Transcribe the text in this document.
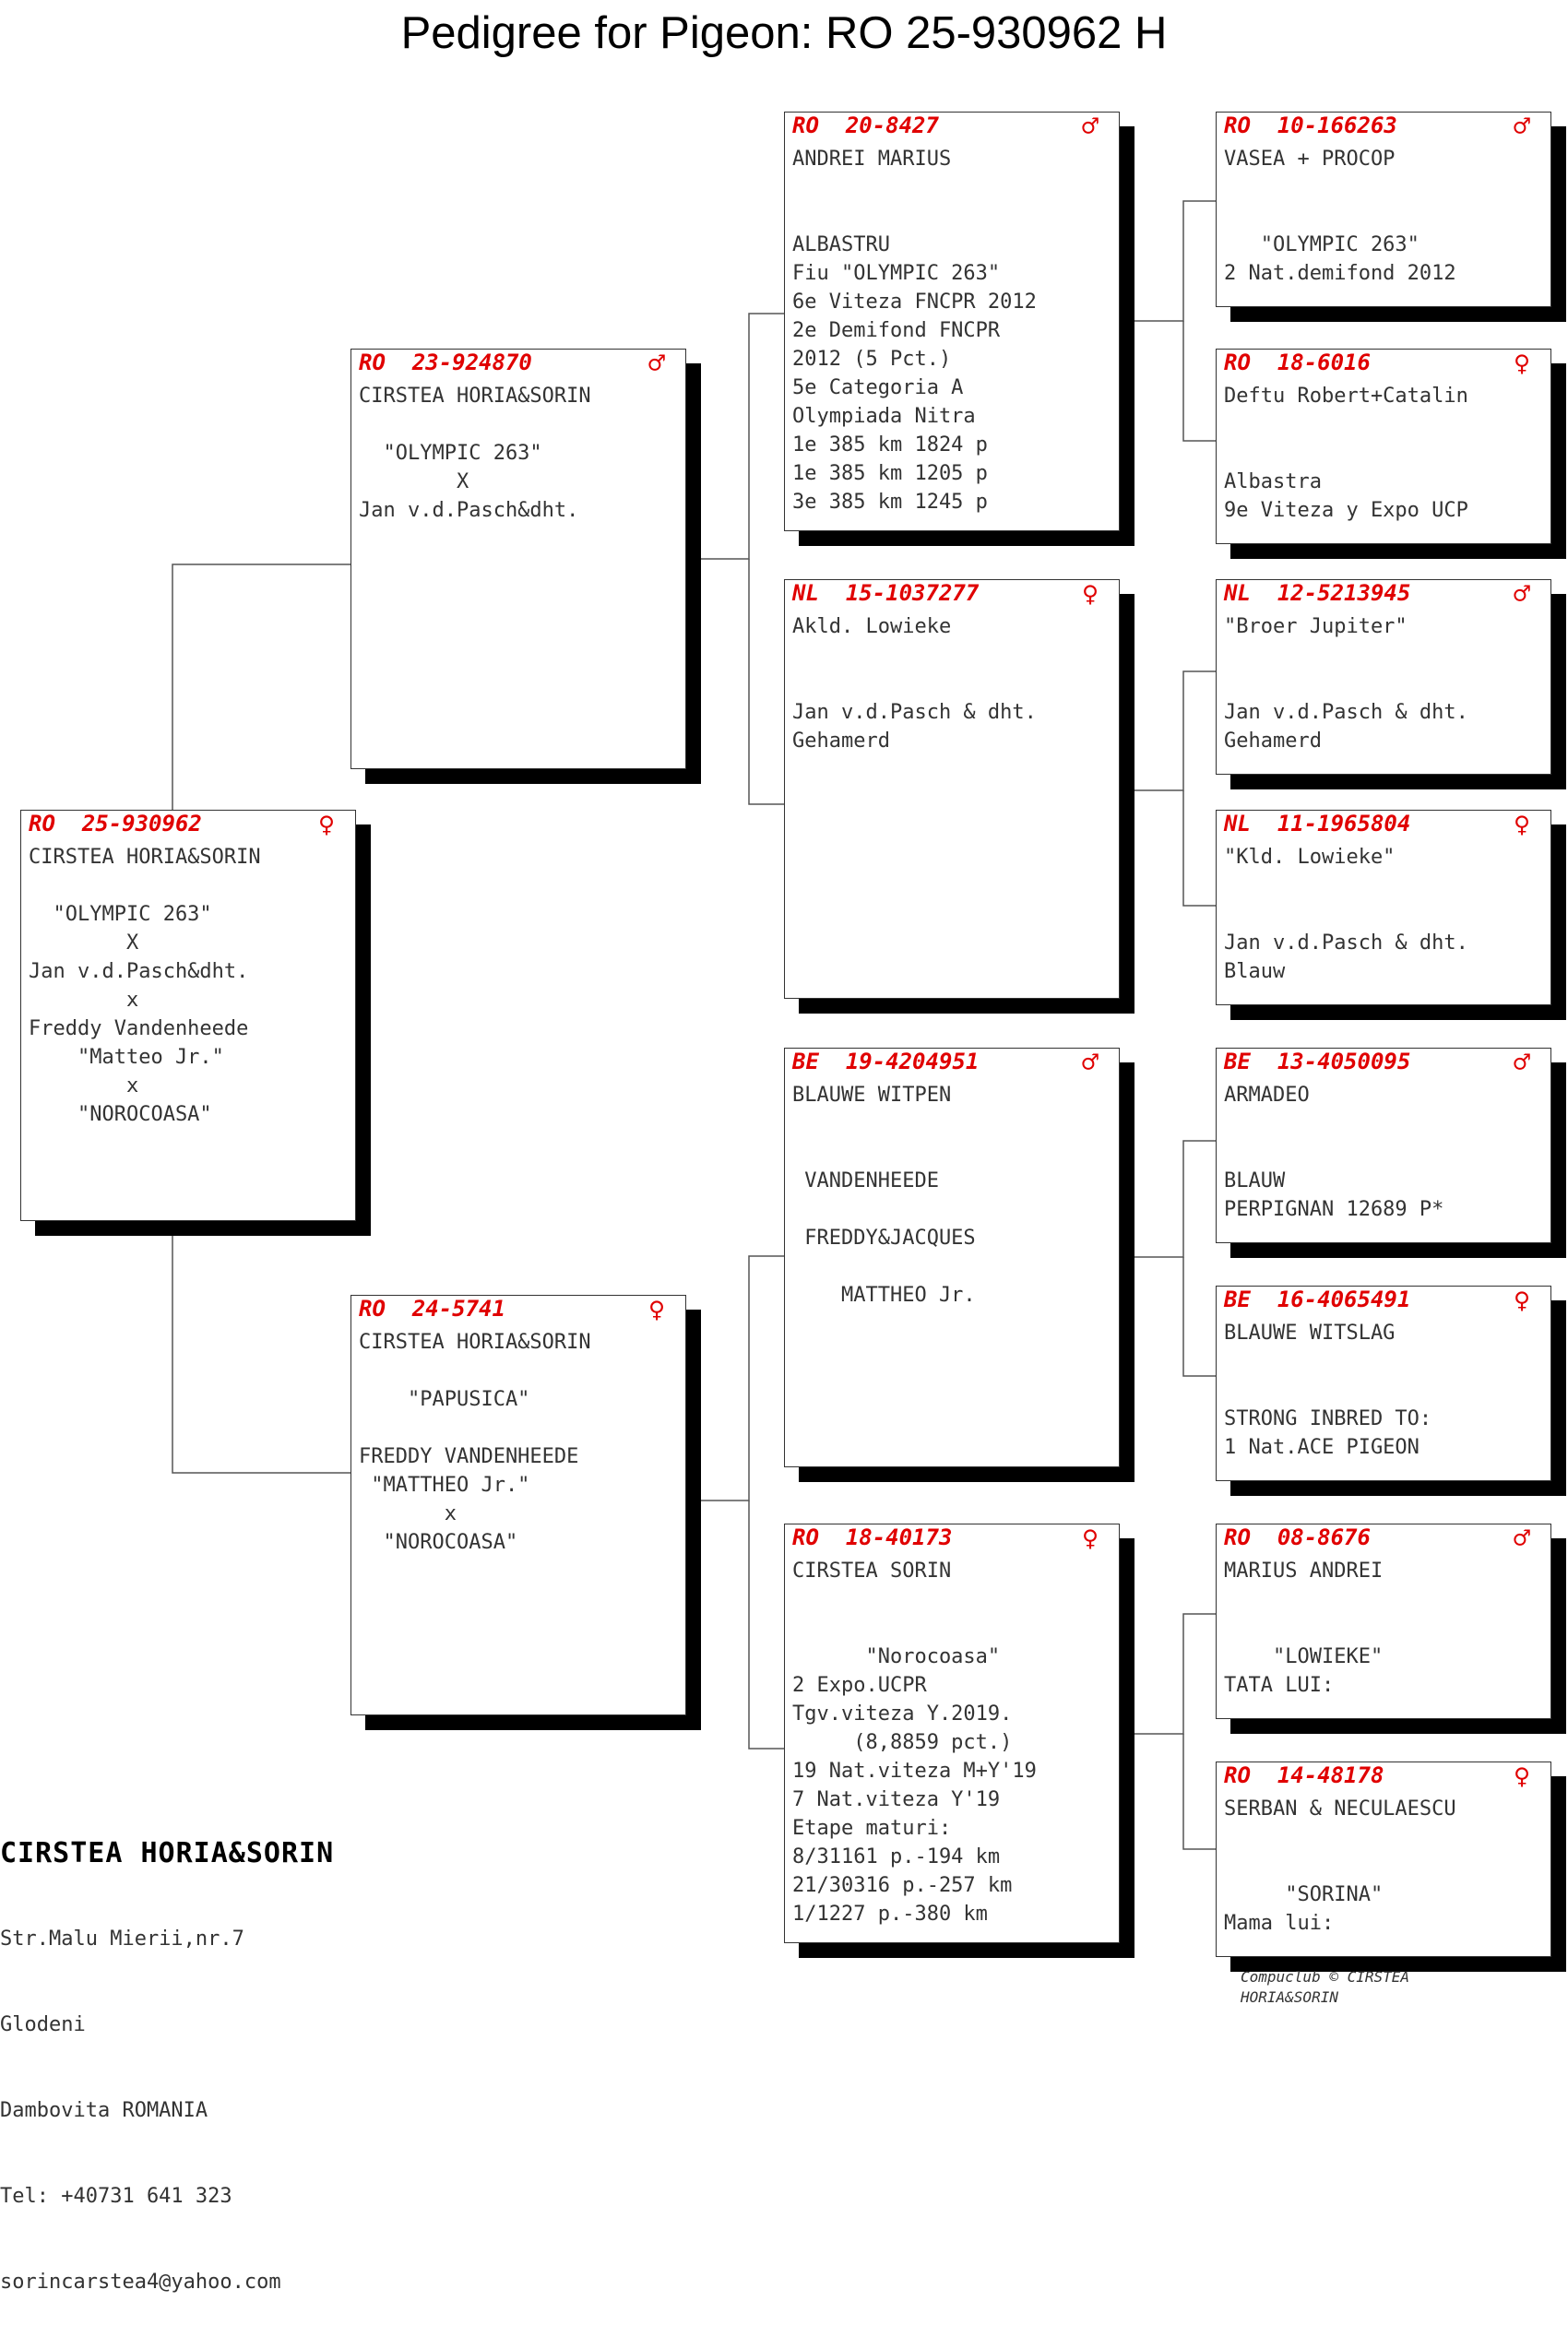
Pedigree for Pigeon: RO 25-930962 H
RO 25-930962	♀
CIRSTEA HORIA&SORIN

"OLYMPIC 263"
X
Jan v.d.Pasch&dht.
x
Freddy Vandenheede
"Matteo Jr."
x
"NOROCOASA"
RO 23-924870	♂
CIRSTEA HORIA&SORIN

"OLYMPIC 263"
X
Jan v.d.Pasch&dht.
RO 24-5741	♀
CIRSTEA HORIA&SORIN

"PAPUSICA"

FREDDY VANDENHEEDE
"MATTHEO Jr."
x
"NOROCOASA"
RO 20-8427	♂
ANDREI MARIUS
ALBASTRU
Fiu "OLYMPIC 263"
6e Viteza FNCPR 2012
2e Demifond FNCPR
2012 (5 Pct.)
5e Categoria A
Olympiada Nitra
1e 385 km 1824 p
1e 385 km 1205 p
3e 385 km 1245 p
NL 15-1037277	♀
Akld. Lowieke
Jan v.d.Pasch & dht.
Gehamerd
BE 19-4204951	♂
BLAUWE WITPEN
VANDENHEEDE

FREDDY&JACQUES

MATTHEO Jr.
RO 18-40173	♀
CIRSTEA SORIN
"Norocoasa"
2 Expo.UCPR
Tgv.viteza Y.2019.
(8,8859 pct.)
19 Nat.viteza M+Y'19
7 Nat.viteza Y'19
Etape maturi:
8/31161 p.-194 km
21/30316 p.-257 km
1/1227 p.-380 km
RO 10-166263	♂
VASEA + PROCOP
"OLYMPIC 263"
2 Nat.demifond 2012
RO 18-6016	♀
Deftu Robert+Catalin
Albastra
9e Viteza y Expo UCP
NL 12-5213945	♂
"Broer Jupiter"
Jan v.d.Pasch & dht.
Gehamerd
NL 11-1965804	♀
"Kld. Lowieke"
Jan v.d.Pasch & dht.
Blauw
BE 13-4050095	♂
ARMADEO
BLAUW
PERPIGNAN 12689 P*
BE 16-4065491	♀
BLAUWE WITSLAG
STRONG INBRED TO:
1 Nat.ACE PIGEON
RO 08-8676	♂
MARIUS ANDREI
"LOWIEKE"
TATA LUI:
RO 14-48178	♀
SERBAN & NECULAESCU
"SORINA"
Mama lui:

CIRSTEA HORIA&SORIN

Str.Malu Mierii,nr.7

Glodeni

Dambovita ROMANIA

Tel: +40731 641 323

sorincarstea4@yahoo.com

Compuclub © CIRSTEA
HORIA&SORIN
